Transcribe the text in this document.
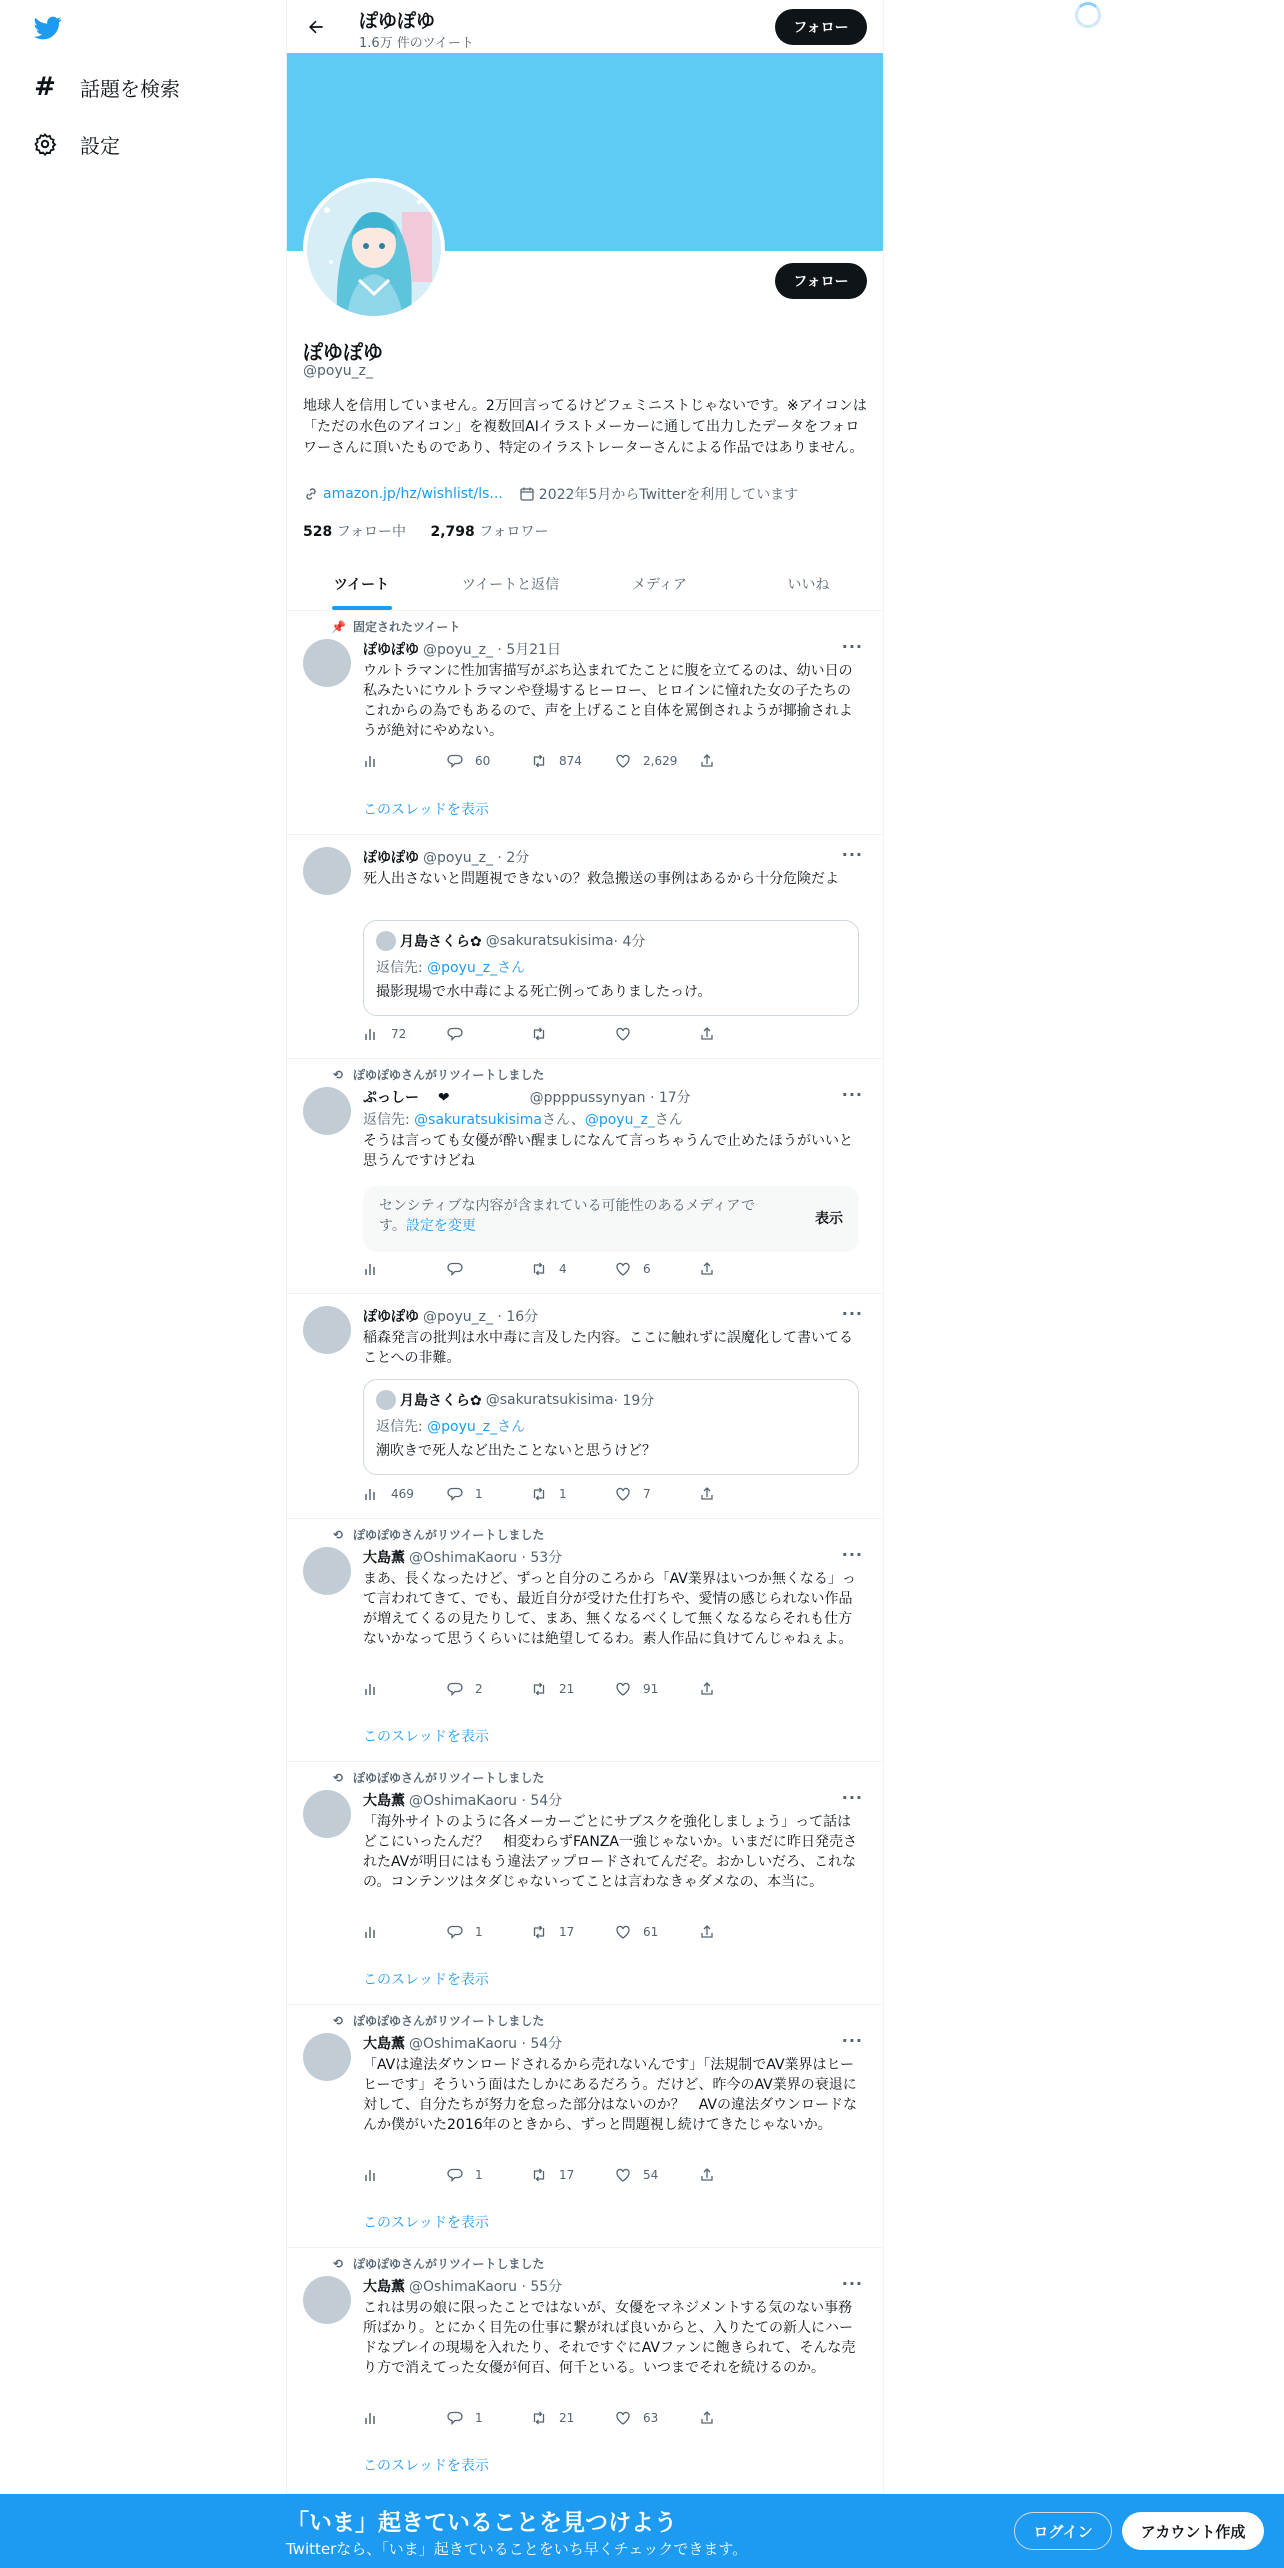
# 話題を検索
設定
ぽゆぽゆ
1.6万 件のツイート
フォロー
フォロー
ぽゆぽゆ
@poyu_z_
地球人を信用していません。2万回言ってるけどフェミニストじゃないです。※アイコンは「ただの水色のアイコン」を複数回AIイラストメーカーに通して出力したデータをフォロワーさんに頂いたものであり、特定のイラストレーターさんによる作品ではありません。
amazon.jp/hz/wishlist/ls...	2022年5月からTwitterを利用しています
528 フォロー中 2,798 フォロワー
ツイート	ツイートと返信	メディア	いいね
📌 固定されたツイート
ぽゆぽゆ @poyu_z_ · 5月21日	···
ウルトラマンに性加害描写がぶち込まれてたことに腹を立てるのは、幼い日の私みたいにウルトラマンや登場するヒーロー、ヒロインに憧れた女の子たちのこれからの為でもあるので、声を上げること自体を罵倒されようが揶揄されようが絶対にやめない。
60	874	2,629
このスレッドを表示
ぽゆぽゆ @poyu_z_ · 2分	···
死人出さないと問題視できないの？救急搬送の事例はあるから十分危険だよ
月島さくら✿ @sakuratsukisima · 4分
返信先: @poyu_z_さん
撮影現場で水中毒による死亡例ってありましたっけ。
72
⟲ ぽゆぽゆさんがリツイートしました
ぷっしー　 ❤	@ppppussynyan · 17分	···
返信先: @sakuratsukisimaさん、@poyu_z_さん
そうは言っても女優が酔い醒ましになんて言っちゃうんで止めたほうがいいと思うんですけどね
センシティブな内容が含まれている可能性のあるメディアです。設定を変更	表示
4	6
ぽゆぽゆ @poyu_z_ · 16分	···
稲森発言の批判は水中毒に言及した内容。ここに触れずに誤魔化して書いてることへの非難。
月島さくら✿ @sakuratsukisima · 19分
返信先: @poyu_z_さん
潮吹きで死人など出たことないと思うけど？
469	1	1	7
⟲ ぽゆぽゆさんがリツイートしました
大島薫 @OshimaKaoru · 53分	···
まあ、長くなったけど、ずっと自分のころから「AV業界はいつか無くなる」って言われてきて、でも、最近自分が受けた仕打ちや、愛情の感じられない作品が増えてくるの見たりして、まあ、無くなるべくして無くなるならそれも仕方ないかなって思うくらいには絶望してるわ。素人作品に負けてんじゃねぇよ。
2	21	91
このスレッドを表示
⟲ ぽゆぽゆさんがリツイートしました
大島薫 @OshimaKaoru · 54分	···
「海外サイトのように各メーカーごとにサブスクを強化しましょう」って話はどこにいったんだ？　相変わらずFANZA一強じゃないか。いまだに昨日発売されたAVが明日にはもう違法アップロードされてんだぞ。おかしいだろ、これなの。コンテンツはタダじゃないってことは言わなきゃダメなの、本当に。
1	17	61
このスレッドを表示
⟲ ぽゆぽゆさんがリツイートしました
大島薫 @OshimaKaoru · 54分	···
「AVは違法ダウンロードされるから売れないんです」「法規制でAV業界はヒーヒーです」そういう面はたしかにあるだろう。だけど、昨今のAV業界の衰退に対して、自分たちが努力を怠った部分はないのか？　AVの違法ダウンロードなんか僕がいた2016年のときから、ずっと問題視し続けてきたじゃないか。
1	17	54
このスレッドを表示
⟲ ぽゆぽゆさんがリツイートしました
大島薫 @OshimaKaoru · 55分	···
これは男の娘に限ったことではないが、女優をマネジメントする気のない事務所ばかり。とにかく目先の仕事に繋がれば良いからと、入りたての新人にハードなプレイの現場を入れたり、それですぐにAVファンに飽きられて、そんな売り方で消えてった女優が何百、何千といる。いつまでそれを続けるのか。
1	21	63
このスレッドを表示
「いま」起きていることを見つけよう
Twitterなら、「いま」起きていることをいち早くチェックできます。
ログイン	アカウント作成
